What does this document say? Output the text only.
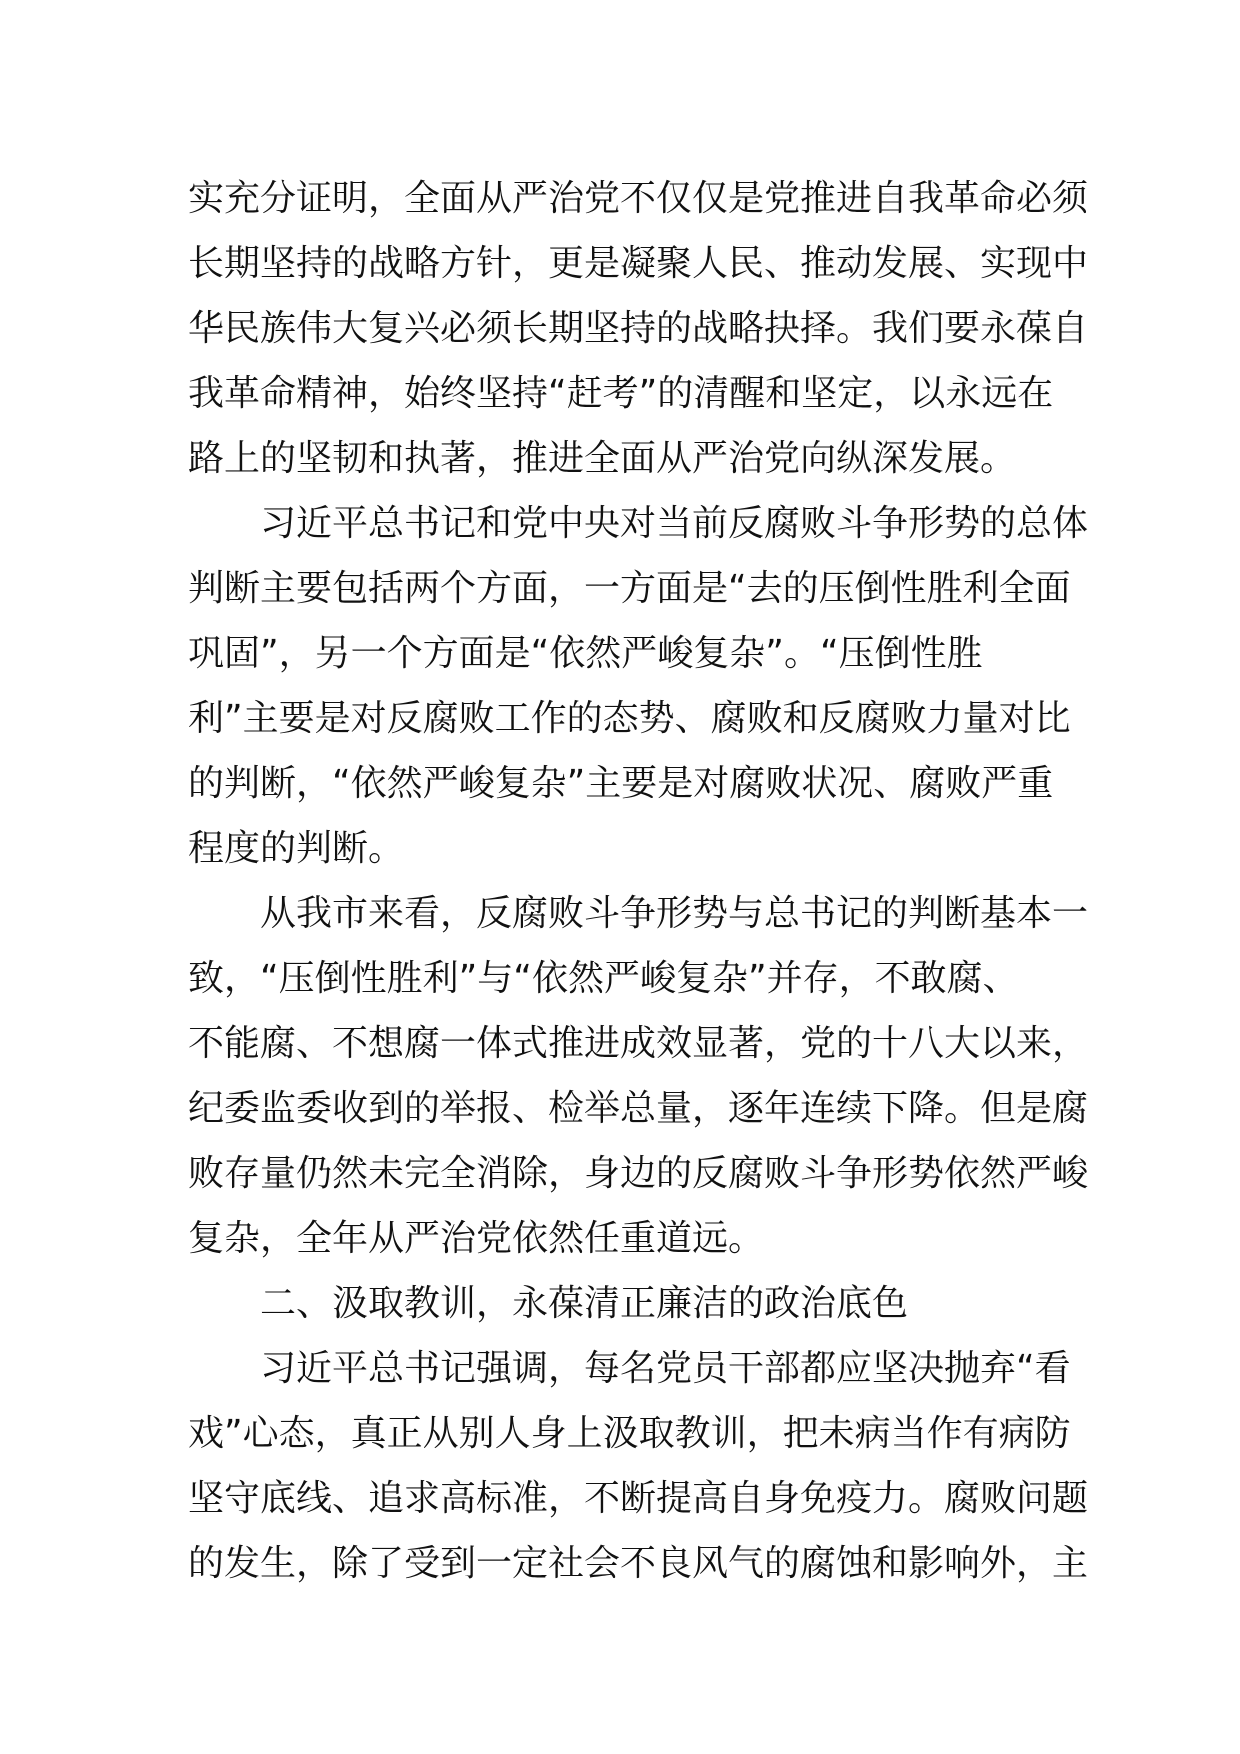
实充分证明，全面从严治党不仅仅是党推进自我革命必须
长期坚持的战略方针，更是凝聚人民、推动发展、实现中
华民族伟大复兴必须长期坚持的战略抉择。我们要永葆自
我革命精神，始终坚持“赶考”的清醒和坚定，以永远在
路上的坚韧和执著，推进全面从严治党向纵深发展。
习近平总书记和党中央对当前反腐败斗争形势的总体
判断主要包括两个方面，一方面是“去的压倒性胜利全面
巩固”，另一个方面是“依然严峻复杂”。“压倒性胜
利”主要是对反腐败工作的态势、腐败和反腐败力量对比
的判断，“依然严峻复杂”主要是对腐败状况、腐败严重
程度的判断。
从我市来看，反腐败斗争形势与总书记的判断基本一
致，“压倒性胜利”与“依然严峻复杂”并存，不敢腐、
不能腐、不想腐一体式推进成效显著，党的十八大以来，
纪委监委收到的举报、检举总量，逐年连续下降。但是腐
败存量仍然未完全消除，身边的反腐败斗争形势依然严峻
复杂，全年从严治党依然任重道远。
二、汲取教训，永葆清正廉洁的政治底色
习近平总书记强调，每名党员干部都应坚决抛弃“看
戏”心态，真正从别人身上汲取教训，把未病当作有病防
坚守底线、追求高标准，不断提高自身免疫力。腐败问题
的发生，除了受到一定社会不良风气的腐蚀和影响外，主
